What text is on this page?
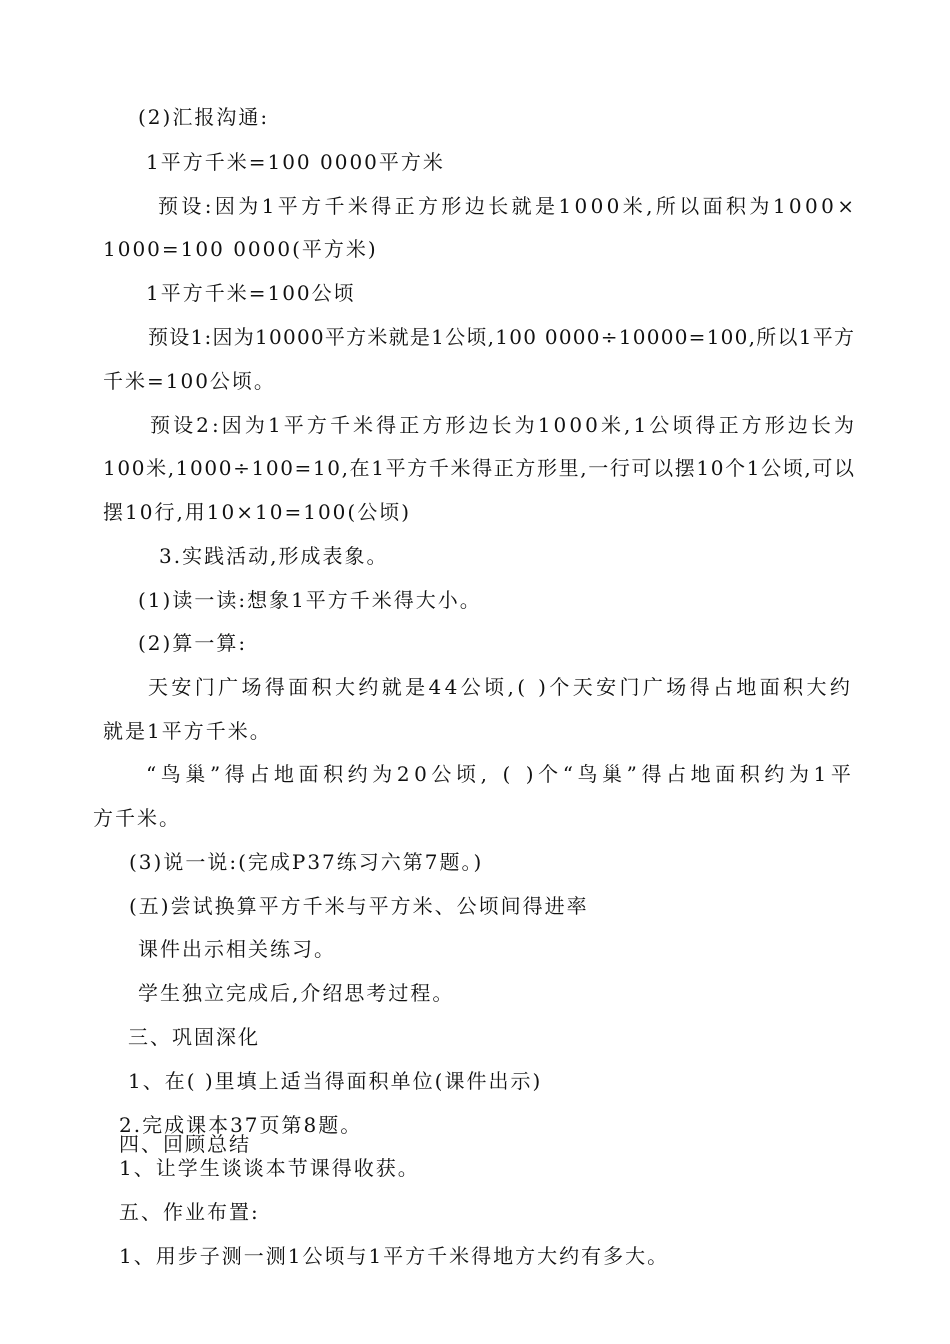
(2)汇报沟通:
1平方千米=100 0000平方米
预设:因为1平方千米得正方形边长就是1000米,所以面积为1000×
1000=100 0000(平方米)
1平方千米=100公顷
预设1:因为10000平方米就是1公顷,100 0000÷10000=100,所以1平方
千米=100公顷。
预设2:因为1平方千米得正方形边长为1000米,1公顷得正方形边长为
100米,1000÷100=10,在1平方千米得正方形里,一行可以摆10个1公顷,可以
摆10行,用10×10=100(公顷)
3.实践活动,形成表象。
(1)读一读:想象1平方千米得大小。
(2)算一算:
天安门广场得面积大约就是44公顷,( )个天安门广场得占地面积大约
就是1平方千米。
“鸟巢”得占地面积约为20公顷, ( )个“鸟巢”得占地面积约为1平
方千米。
(3)说一说:(完成P37练习六第7题。)
(五)尝试换算平方千米与平方米、公顷间得进率
课件出示相关练习。
学生独立完成后,介绍思考过程。
三、巩固深化
1、在( )里填上适当得面积单位(课件出示)
2.完成课本37页第8题。
四、回顾总结
1、让学生谈谈本节课得收获。
五、作业布置:
1、用步子测一测1公顷与1平方千米得地方大约有多大。
